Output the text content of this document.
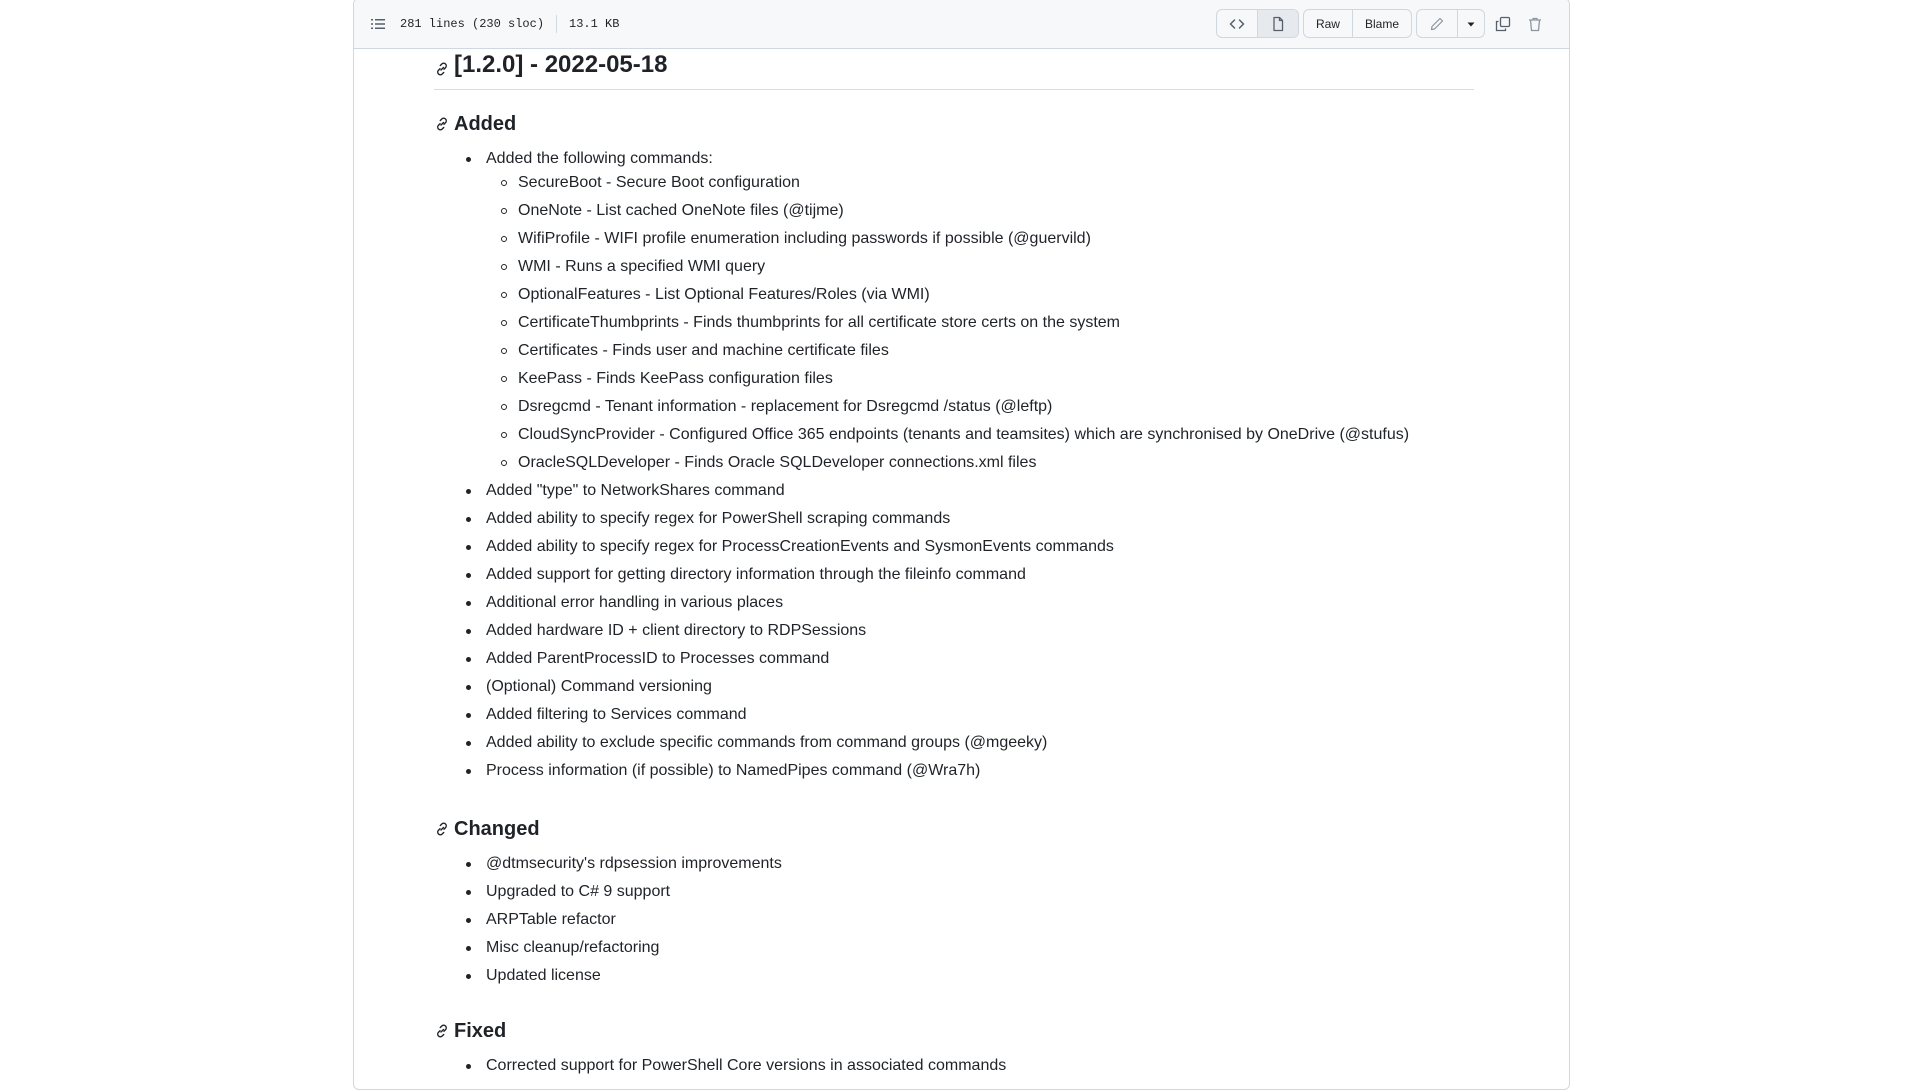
281 lines (230 sloc) 13.1 KB	Raw	Blame
[1.2.0] - 2022-05-18
Added
Added the following commands:
SecureBoot - Secure Boot configuration
OneNote - List cached OneNote files (@tijme)
WifiProfile - WIFI profile enumeration including passwords if possible (@guervild)
WMI - Runs a specified WMI query
OptionalFeatures - List Optional Features/Roles (via WMI)
CertificateThumbprints - Finds thumbprints for all certificate store certs on the system
Certificates - Finds user and machine certificate files
KeePass - Finds KeePass configuration files
Dsregcmd - Tenant information - replacement for Dsregcmd /status (@leftp)
CloudSyncProvider - Configured Office 365 endpoints (tenants and teamsites) which are synchronised by OneDrive (@stufus)
OracleSQLDeveloper - Finds Oracle SQLDeveloper connections.xml files
Added "type" to NetworkShares command
Added ability to specify regex for PowerShell scraping commands
Added ability to specify regex for ProcessCreationEvents and SysmonEvents commands
Added support for getting directory information through the fileinfo command
Additional error handling in various places
Added hardware ID + client directory to RDPSessions
Added ParentProcessID to Processes command
(Optional) Command versioning
Added filtering to Services command
Added ability to exclude specific commands from command groups (@mgeeky)
Process information (if possible) to NamedPipes command (@Wra7h)
Changed
@dtmsecurity's rdpsession improvements
Upgraded to C# 9 support
ARPTable refactor
Misc cleanup/refactoring
Updated license
Fixed
Corrected support for PowerShell Core versions in associated commands
